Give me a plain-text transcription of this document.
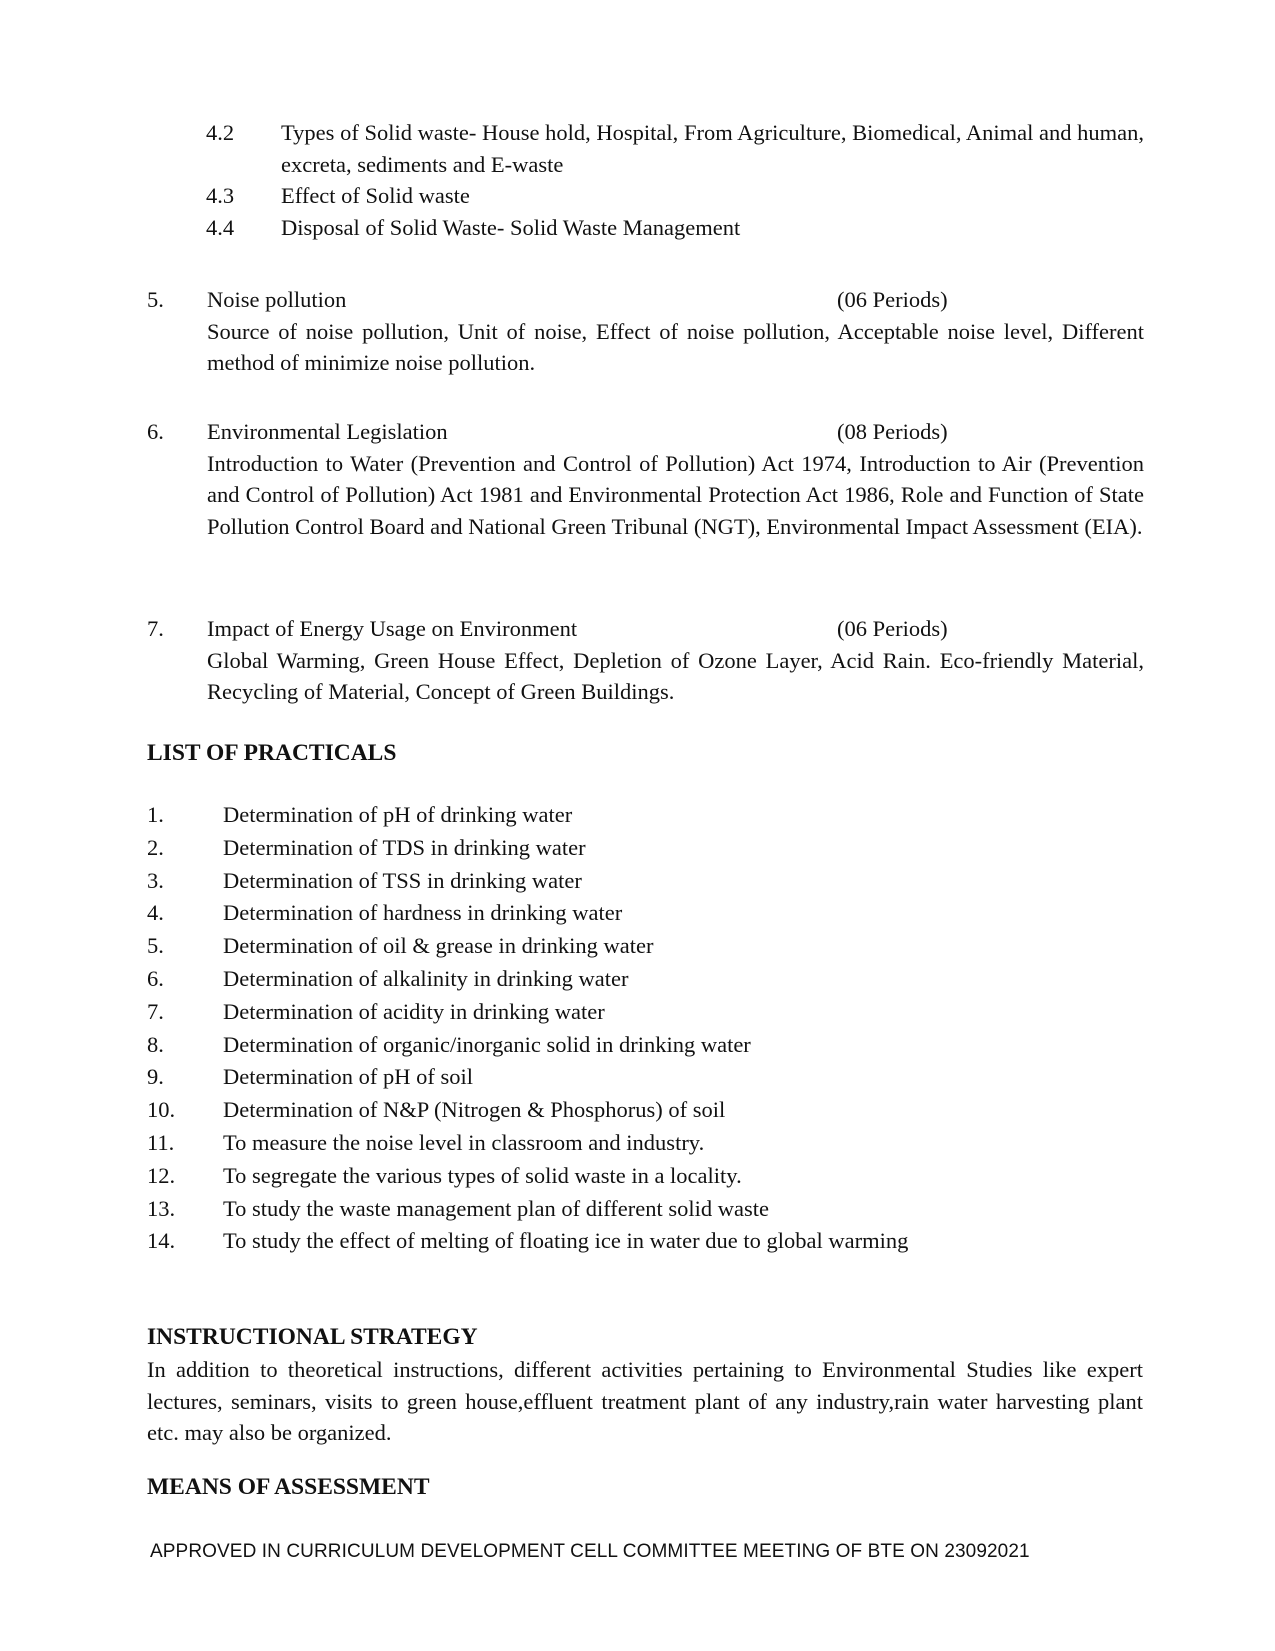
4.2	Types of Solid waste- House hold, Hospital, From Agriculture, Biomedical, Animal and human, excreta, sediments and E-waste
4.3	Effect of Solid waste
4.4	Disposal of Solid Waste- Solid Waste Management
5.	Noise pollution	(06 Periods)
Source of noise pollution, Unit of noise, Effect of noise pollution, Acceptable noise level, Different method of minimize noise pollution.
6.	Environmental Legislation	(08 Periods)
Introduction to Water (Prevention and Control of Pollution) Act 1974, Introduction to Air (Prevention and Control of Pollution) Act 1981 and Environmental Protection Act 1986, Role and Function of State Pollution Control Board and National Green Tribunal (NGT), Environmental Impact Assessment (EIA).
7.	Impact of Energy Usage on Environment	(06 Periods)
Global Warming, Green House Effect, Depletion of Ozone Layer, Acid Rain. Eco-friendly Material, Recycling of Material, Concept of Green Buildings.
LIST OF PRACTICALS
1.	Determination of pH of drinking water
2.	Determination of TDS in drinking water
3.	Determination of TSS in drinking water
4.	Determination of hardness in drinking water
5.	Determination of oil & grease in drinking water
6.	Determination of alkalinity in drinking water
7.	Determination of acidity in drinking water
8.	Determination of organic/inorganic solid in drinking water
9.	Determination of pH of soil
10.	Determination of N&P (Nitrogen & Phosphorus) of soil
11.	To measure the noise level in classroom and industry.
12.	To segregate the various types of solid waste in a locality.
13.	To study the waste management plan of different solid waste
14.	To study the effect of melting of floating ice in water due to global warming
INSTRUCTIONAL STRATEGY
In addition to theoretical instructions, different activities pertaining to Environmental Studies like expert lectures, seminars, visits to green house,effluent treatment plant of any industry,rain water harvesting plant etc. may also be organized.
MEANS OF ASSESSMENT
APPROVED IN CURRICULUM DEVELOPMENT CELL COMMITTEE MEETING OF BTE ON 23092021
